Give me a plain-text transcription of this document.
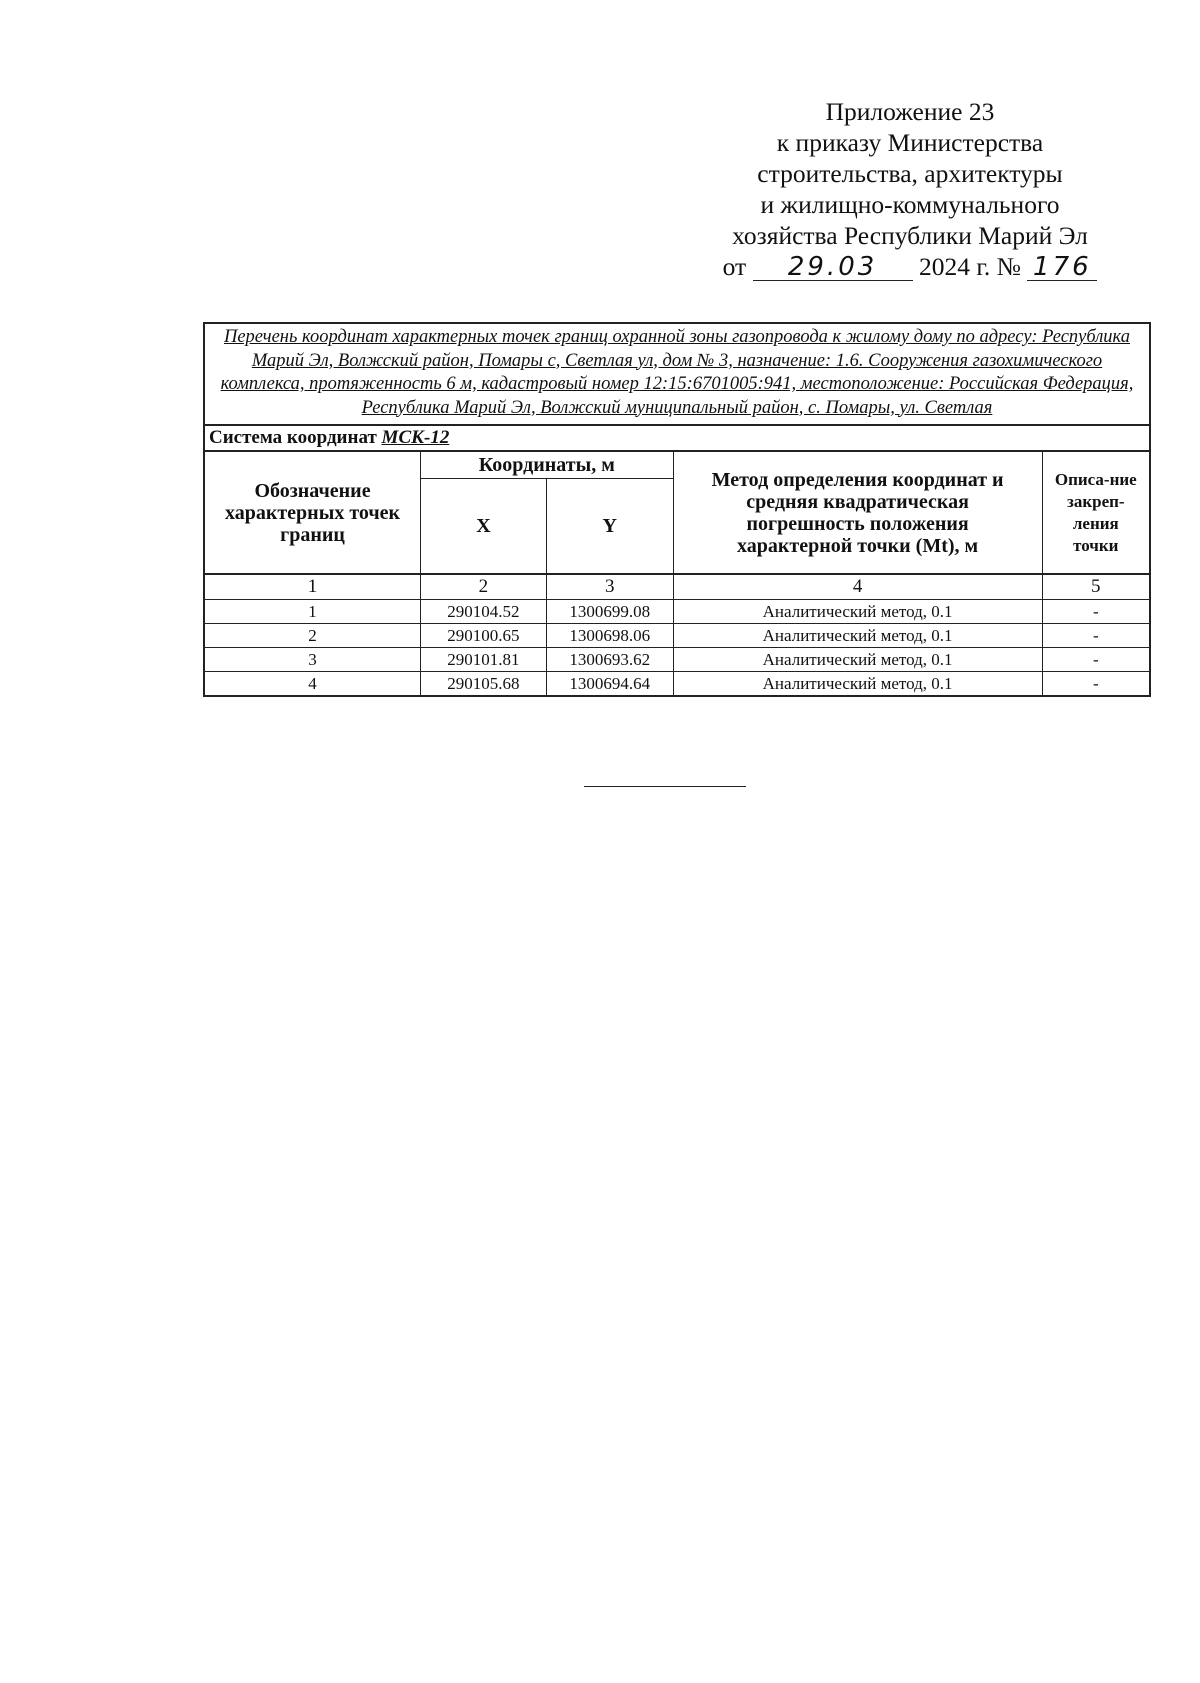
Приложение 23
к приказу Министерства
строительства, архитектуры
и жилищно-коммунального
хозяйства Республики Марий Эл
от 29.03 2024 г. № 176
Перечень координат характерных точек границ охранной зоны газопровода к жилому дому по адресу: Республика Марий Эл, Волжский район, Помары с, Светлая ул, дом № 3, назначение: 1.6. Сооружения газохимического комплекса, протяженность 6 м, кадастровый номер 12:15:6701005:941, местоположение: Российская Федерация, Республика Марий Эл, Волжский муниципальный район, с. Помары, ул. Светлая				
Система координат МСК-12				
Обозначение характерных точек границ	Координаты, м		Метод определения координат и средняя квадратическая погрешность положения характерной точки (Mt), м	Описа-ние закреп-ления точки
	X	Y		
1	2	3	4	5
1	290104.52	1300699.08	Аналитический метод, 0.1	-
2	290100.65	1300698.06	Аналитический метод, 0.1	-
3	290101.81	1300693.62	Аналитический метод, 0.1	-
4	290105.68	1300694.64	Аналитический метод, 0.1	-
